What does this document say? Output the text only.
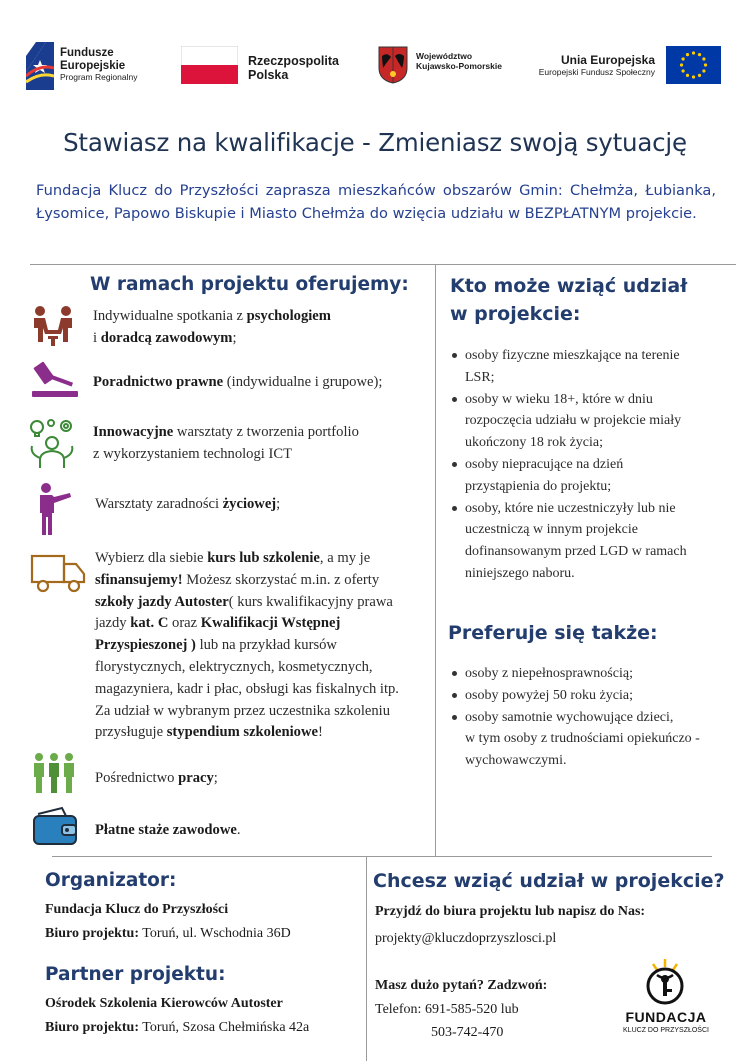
Fundusze
Europejskie
Program Regionalny
Rzeczpospolita
Polska
Województwo
Kujawsko-Pomorskie	Unia Europejska
Europejski Fundusz Społeczny
Stawiasz na kwalifikacje - Zmieniasz swoją sytuację
Fundacja Klucz do Przyszłości zaprasza mieszkańców obszarów Gmin: Chełmża, Łubianka, Łysomice, Papowo Biskupie i Miasto Chełmża do wzięcia udziału w BEZPŁATNYM projekcie.
W ramach projektu oferujemy:
Indywidualne spotkania z psychologiem
i doradcą zawodowym;
Poradnictwo prawne (indywidualne i grupowe);
Innowacyjne warsztaty z tworzenia portfolio
z wykorzystaniem technologi ICT
Warsztaty zaradności życiowej;
Wybierz dla siebie kurs lub szkolenie, a my je
sfinansujemy! Możesz skorzystać m.in. z oferty
szkoły jazdy Autoster( kurs kwalifikacyjny prawa
jazdy kat. C oraz Kwalifikacji Wstępnej
Przyspieszonej ) lub na przykład kursów
florystycznych, elektrycznych, kosmetycznych,
magazyniera, kadr i płac, obsługi kas fiskalnych itp.
Za udział w wybranym przez uczestnika szkoleniu
przysługuje stypendium szkoleniowe!
Pośrednictwo pracy;
Płatne staże zawodowe.
Kto może wziąć udział
w projekcie:
osoby fizyczne mieszkające na terenie
LSR;
osoby w wieku 18+, które w dniu
rozpoczęcia udziału w projekcie miały
ukończony 18 rok życia;
osoby niepracujące na dzień
przystąpienia do projektu;
osoby, które nie uczestniczyły lub nie
uczestniczą w innym projekcie
dofinansowanym przed LGD w ramach
niniejszego naboru.
Preferuje się także:
osoby z niepełnosprawnością;
osoby powyżej 50 roku życia;
osoby samotnie wychowujące dzieci,
w tym osoby z trudnościami opiekuńczo -
wychowawczymi.
Organizator:
Fundacja Klucz do Przyszłości
Biuro projektu: Toruń, ul. Wschodnia 36D
Partner projektu:
Ośrodek Szkolenia Kierowców Autoster
Biuro projektu: Toruń, Szosa Chełmińska 42a
Chcesz wziąć udział w projekcie?
Przyjdź do biura projektu lub napisz do Nas:
projekty@kluczdoprzyszlosci.pl
Masz dużo pytań? Zadzwoń:
Telefon: 691-585-520 lub
503-742-470
FUNDACJA
KLUCZ DO PRZYSZŁOŚCI
